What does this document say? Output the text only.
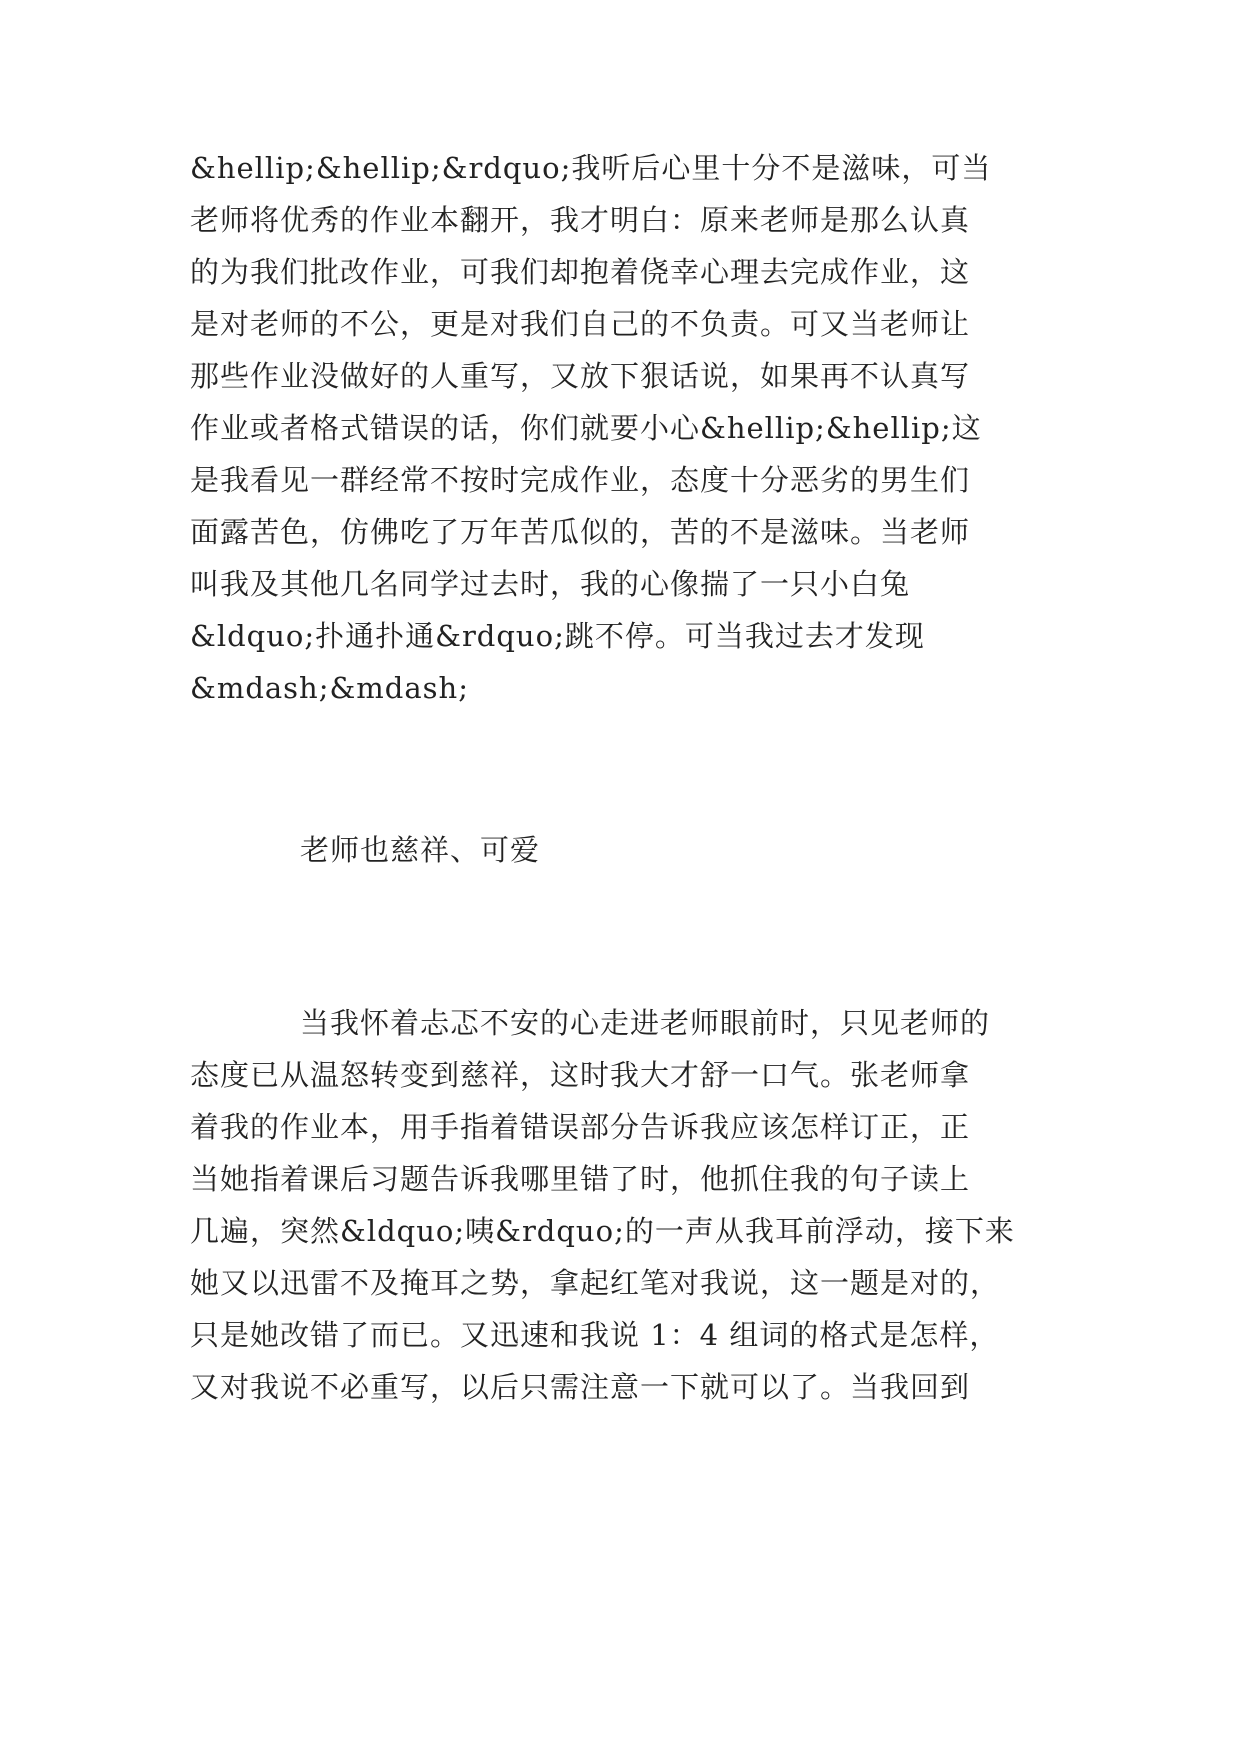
&hellip;&hellip;&rdquo;我听后心里十分不是滋味，可当
老师将优秀的作业本翻开，我才明白：原来老师是那么认真
的为我们批改作业，可我们却抱着侥幸心理去完成作业，这
是对老师的不公，更是对我们自己的不负责。可又当老师让
那些作业没做好的人重写，又放下狠话说，如果再不认真写
作业或者格式错误的话，你们就要小心&hellip;&hellip;这
是我看见一群经常不按时完成作业，态度十分恶劣的男生们
面露苦色，仿佛吃了万年苦瓜似的，苦的不是滋味。当老师
叫我及其他几名同学过去时，我的心像揣了一只小白兔
&ldquo;扑通扑通&rdquo;跳不停。可当我过去才发现
&mdash;&mdash;
老师也慈祥、可爱
当我怀着忐忑不安的心走进老师眼前时，只见老师的
态度已从温怒转变到慈祥，这时我大才舒一口气。张老师拿
着我的作业本，用手指着错误部分告诉我应该怎样订正，正
当她指着课后习题告诉我哪里错了时，他抓住我的句子读上
几遍，突然&ldquo;咦&rdquo;的一声从我耳前浮动，接下来
她又以迅雷不及掩耳之势，拿起红笔对我说，这一题是对的，
只是她改错了而已。又迅速和我说 1：4 组词的格式是怎样，
又对我说不必重写，以后只需注意一下就可以了。当我回到
